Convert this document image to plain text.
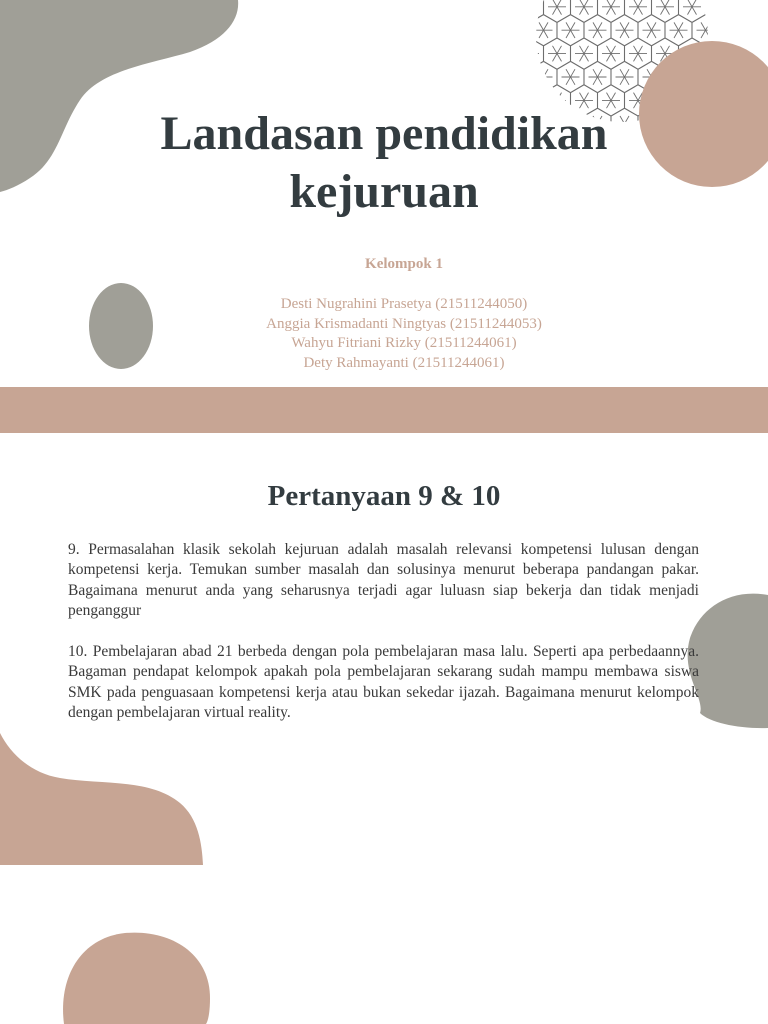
Landasan pendidikan kejuruan
Kelompok 1
Desti Nugrahini Prasetya (21511244050)
Anggia Krismadanti Ningtyas (21511244053)
Wahyu Fitriani Rizky (21511244061)
Dety Rahmayanti (21511244061)
Pertanyaan 9 & 10

9. Permasalahan klasik sekolah kejuruan adalah masalah relevansi kompetensi lulusan dengan kompetensi kerja. Temukan sumber masalah dan solusinya menurut beberapa pandangan pakar. Bagaimana menurut anda yang seharusnya terjadi agar luluasn siap bekerja dan tidak menjadi penganggur

10. Pembelajaran abad 21 berbeda dengan pola pembelajaran masa lalu. Seperti apa perbedaannya. Bagaman pendapat kelompok apakah pola pembelajaran sekarang sudah mampu membawa siswa SMK pada penguasaan kompetensi kerja atau bukan sekedar ijazah. Bagaimana menurut kelompok dengan pembelajaran virtual reality.
